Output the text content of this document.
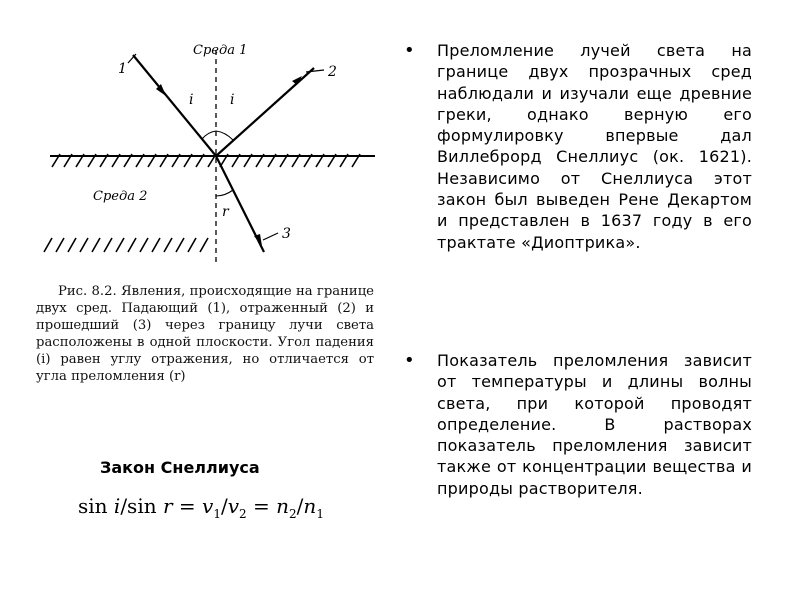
Среда 1
Среда 2
1	2
3
i	i
r

Рис. 8.2. Явления, происходящие на границе двух сред. Падающий (1), отраженный (2) и прошедший (3) через границу лучи света расположены в одной плоскости. Угол падения (i) равен углу отражения, но отличается от угла преломления (r)

Закон Снеллиуса
sin i/sin $r = v_1/v_2 = n_2/n_1$
• Преломление лучей света на границе двух прозрачных сред наблюдали и изучали еще древние греки, однако верную его формулировку впервые дал Виллеброрд Снеллиус (ок. 1621). Независимо от Снеллиуса этот закон был выведен Рене Декартом и представлен в 1637 году в его трактате «Диоптрика».
• Показатель преломления зависит от температуры и длины волны света, при которой проводят определение. В растворах показатель преломления зависит также от концентрации вещества и природы растворителя.
